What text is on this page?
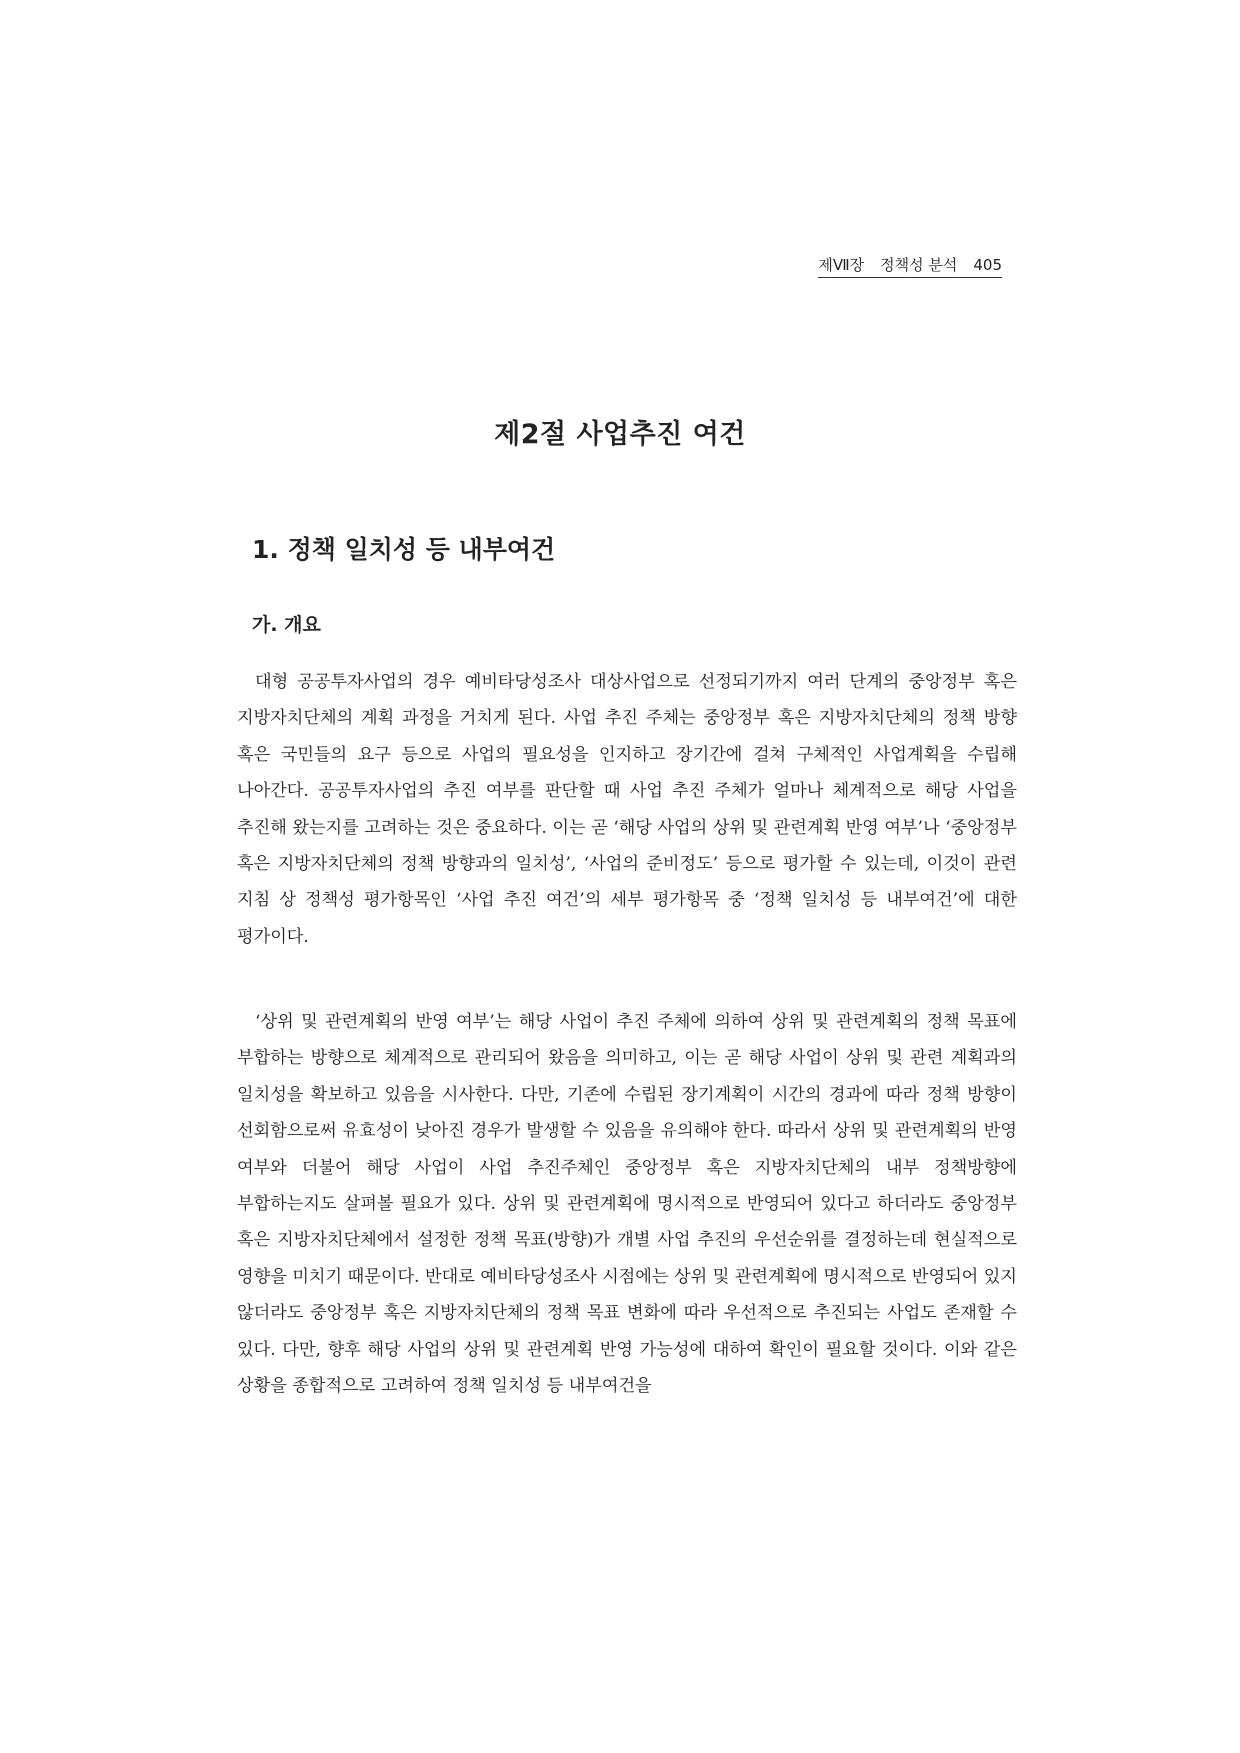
제Ⅶ장 정책성 분석 405
제2절 사업추진 여건
1. 정책 일치성 등 내부여건
가. 개요

대형 공공투자사업의 경우 예비타당성조사 대상사업으로 선정되기까지 여러 단계의 중앙정부 혹은 지방자치단체의 계획 과정을 거치게 된다. 사업 추진 주체는 중앙정부 혹은 지방자치단체의 정책 방향 혹은 국민들의 요구 등으로 사업의 필요성을 인지하고 장기간에 걸쳐 구체적인 사업계획을 수립해 나아간다. 공공투자사업의 추진 여부를 판단할 때 사업 추진 주체가 얼마나 체계적으로 해당 사업을 추진해 왔는지를 고려하는 것은 중요하다. 이는 곧 ‘해당 사업의 상위 및 관련계획 반영 여부’나 ‘중앙정부 혹은 지방자치단체의 정책 방향과의 일치성’, ‘사업의 준비정도’ 등으로 평가할 수 있는데, 이것이 관련 지침 상 정책성 평가항목인 ‘사업 추진 여건’의 세부 평가항목 중 ‘정책 일치성 등 내부여건’에 대한 평가이다.

‘상위 및 관련계획의 반영 여부’는 해당 사업이 추진 주체에 의하여 상위 및 관련계획의 정책 목표에 부합하는 방향으로 체계적으로 관리되어 왔음을 의미하고, 이는 곧 해당 사업이 상위 및 관련 계획과의 일치성을 확보하고 있음을 시사한다. 다만, 기존에 수립된 장기계획이 시간의 경과에 따라 정책 방향이 선회함으로써 유효성이 낮아진 경우가 발생할 수 있음을 유의해야 한다. 따라서 상위 및 관련계획의 반영 여부와 더불어 해당 사업이 사업 추진주체인 중앙정부 혹은 지방자치단체의 내부 정책방향에 부합하는지도 살펴볼 필요가 있다. 상위 및 관련계획에 명시적으로 반영되어 있다고 하더라도 중앙정부 혹은 지방자치단체에서 설정한 정책 목표(방향)가 개별 사업 추진의 우선순위를 결정하는데 현실적으로 영향을 미치기 때문이다. 반대로 예비타당성조사 시점에는 상위 및 관련계획에 명시적으로 반영되어 있지 않더라도 중앙정부 혹은 지방자치단체의 정책 목표 변화에 따라 우선적으로 추진되는 사업도 존재할 수 있다. 다만, 향후 해당 사업의 상위 및 관련계획 반영 가능성에 대하여 확인이 필요할 것이다. 이와 같은 상황을 종합적으로 고려하여 정책 일치성 등 내부여건을
